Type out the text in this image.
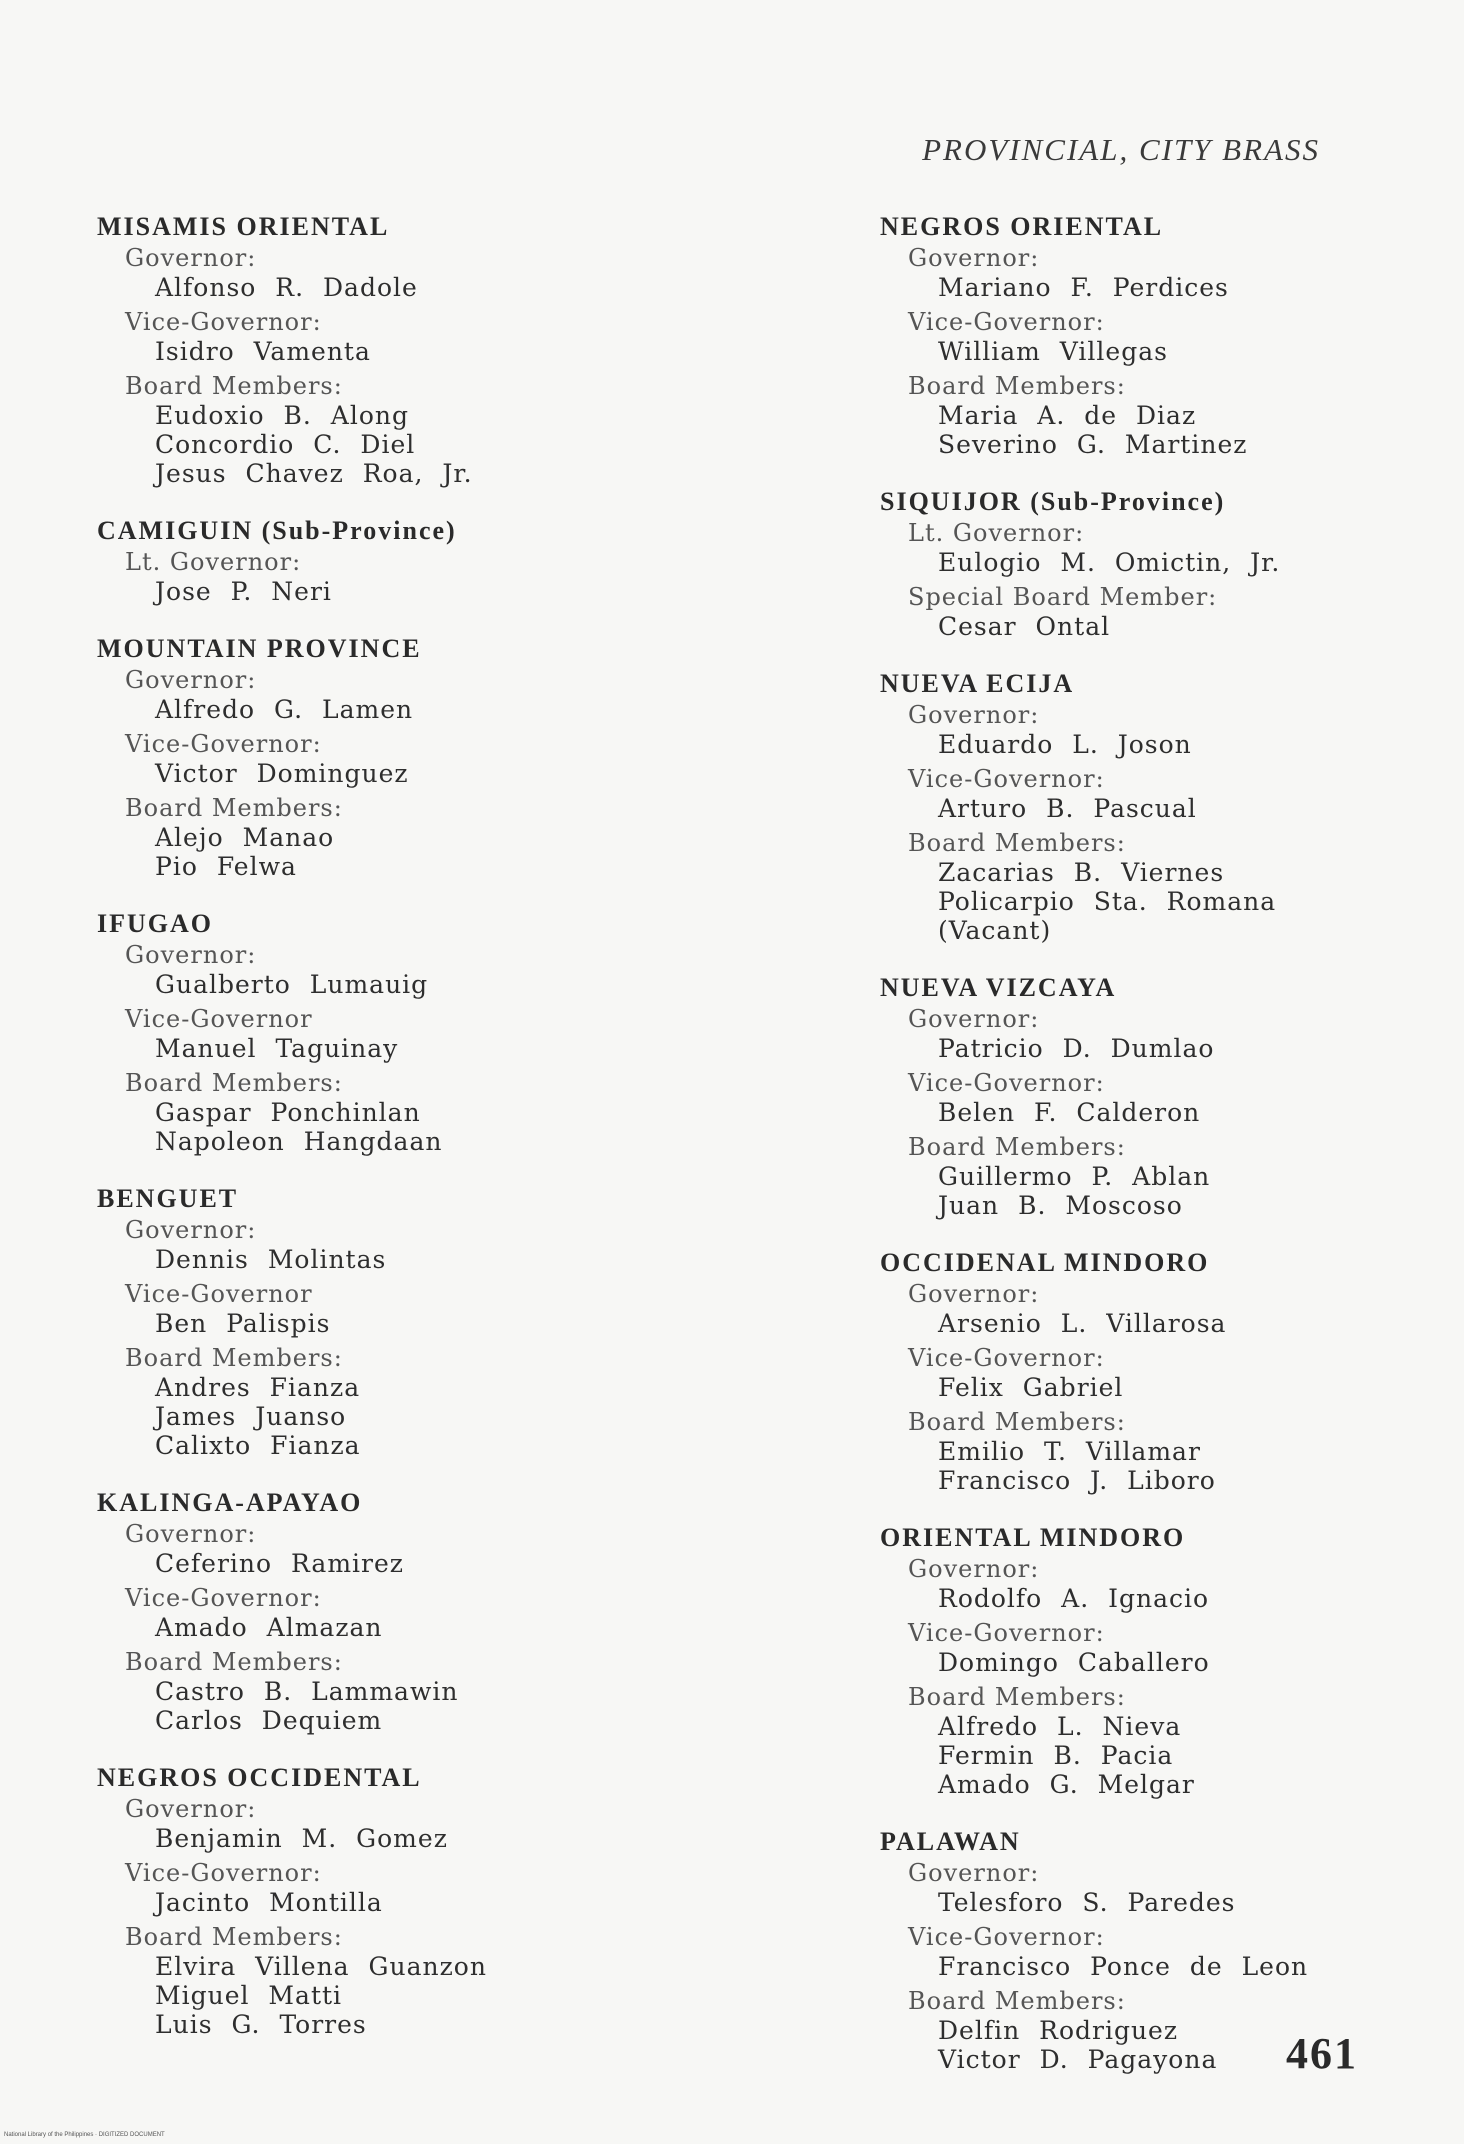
PROVINCIAL, CITY BRASS
MISAMIS ORIENTAL
Governor:
Alfonso R. Dadole
Vice-Governor:
Isidro Vamenta
Board Members:
Eudoxio B. Along
Concordio C. Diel
Jesus Chavez Roa, Jr.
CAMIGUIN (Sub-Province)
Lt. Governor:
Jose P. Neri
MOUNTAIN PROVINCE
Governor:
Alfredo G. Lamen
Vice-Governor:
Victor Dominguez
Board Members:
Alejo Manao
Pio Felwa
IFUGAO
Governor:
Gualberto Lumauig
Vice-Governor
Manuel Taguinay
Board Members:
Gaspar Ponchinlan
Napoleon Hangdaan
BENGUET
Governor:
Dennis Molintas
Vice-Governor
Ben Palispis
Board Members:
Andres Fianza
James Juanso
Calixto Fianza
KALINGA-APAYAO
Governor:
Ceferino Ramirez
Vice-Governor:
Amado Almazan
Board Members:
Castro B. Lammawin
Carlos Dequiem
NEGROS OCCIDENTAL
Governor:
Benjamin M. Gomez
Vice-Governor:
Jacinto Montilla
Board Members:
Elvira Villena Guanzon
Miguel Matti
Luis G. Torres
NEGROS ORIENTAL
Governor:
Mariano F. Perdices
Vice-Governor:
William Villegas
Board Members:
Maria A. de Diaz
Severino G. Martinez
SIQUIJOR (Sub-Province)
Lt. Governor:
Eulogio M. Omictin, Jr.
Special Board Member:
Cesar Ontal
NUEVA ECIJA
Governor:
Eduardo L. Joson
Vice-Governor:
Arturo B. Pascual
Board Members:
Zacarias B. Viernes
Policarpio Sta. Romana
(Vacant)
NUEVA VIZCAYA
Governor:
Patricio D. Dumlao
Vice-Governor:
Belen F. Calderon
Board Members:
Guillermo P. Ablan
Juan B. Moscoso
OCCIDENAL MINDORO
Governor:
Arsenio L. Villarosa
Vice-Governor:
Felix Gabriel
Board Members:
Emilio T. Villamar
Francisco J. Liboro
ORIENTAL MINDORO
Governor:
Rodolfo A. Ignacio
Vice-Governor:
Domingo Caballero
Board Members:
Alfredo L. Nieva
Fermin B. Pacia
Amado G. Melgar
PALAWAN
Governor:
Telesforo S. Paredes
Vice-Governor:
Francisco Ponce de Leon
Board Members:
Delfin Rodriguez
Victor D. Pagayona	461
National Library of the Philippines · DIGITIZED DOCUMENT
